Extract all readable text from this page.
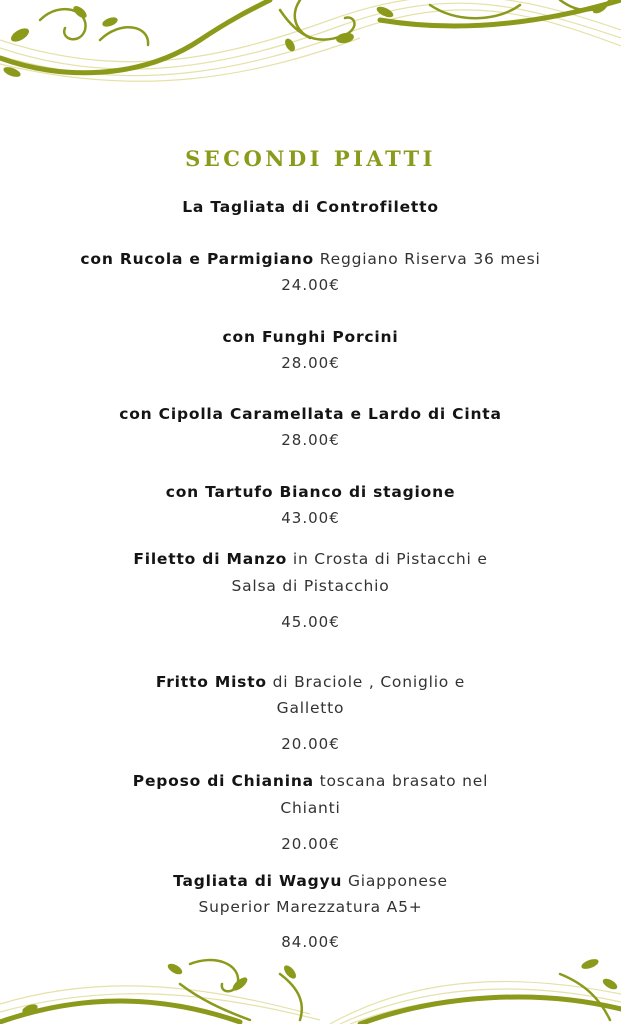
SECONDI PIATTI
La Tagliata di Controfiletto
con Rucola e Parmigiano Reggiano Riserva 36 mesi
24.00€
con Funghi Porcini
28.00€
con Cipolla Caramellata e Lardo di Cinta
28.00€
con Tartufo Bianco di stagione
43.00€
Filetto di Manzo in Crosta di Pistacchi e
Salsa di Pistacchio
45.00€
Fritto Misto di Braciole , Coniglio e
Galletto
20.00€
Peposo di Chianina toscana brasato nel
Chianti
20.00€
Tagliata di Wagyu Giapponese
Superior Marezzatura A5+
84.00€
